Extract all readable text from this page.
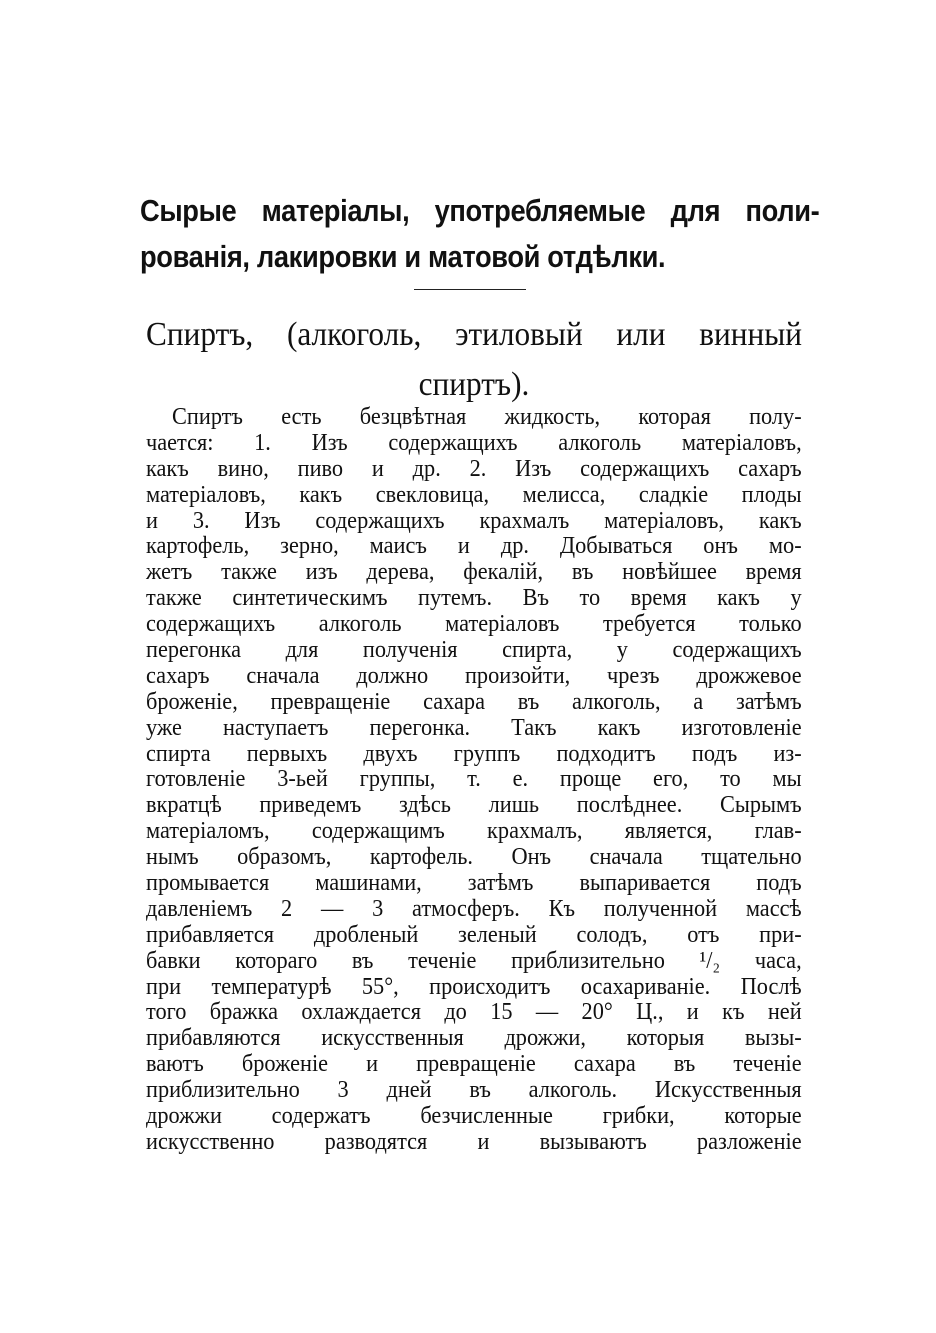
Сырые матеріалы, употребляемые для поли-
рованія, лакировки и матовой отдѣлки.
Спиртъ, (алкоголь, этиловый или винный
спиртъ).
Спиртъ есть безцвѣтная жидкость, которая полу-
чается: 1. Изъ содержащихъ алкоголь матеріаловъ,
какъ вино, пиво и др. 2. Изъ содержащихъ сахаръ
матеріаловъ, какъ свекловица, мелисса, сладкіе плоды
и 3. Изъ содержащихъ крахмалъ матеріаловъ, какъ
картофель, зерно, маисъ и др. Добываться онъ мо-
жетъ также изъ дерева, фекалій, въ новѣйшее время
также синтетическимъ путемъ. Въ то время какъ у
содержащихъ алкоголь матеріаловъ требуется только
перегонка для полученія спирта, у содержащихъ
сахаръ сначала должно произойти, чрезъ дрожжевое
броженіе, превращеніе сахара въ алкоголь, а затѣмъ
уже наступаетъ перегонка. Такъ какъ изготовленіе
спирта первыхъ двухъ группъ подходитъ подъ из-
готовленіе 3-ьей группы, т. е. проще его, то мы
вкратцѣ приведемъ здѣсь лишь послѣднее. Сырымъ
матеріаломъ, содержащимъ крахмалъ, является, глав-
нымъ образомъ, картофель. Онъ сначала тщательно
промывается машинами, затѣмъ выпаривается подъ
давленіемъ 2 — 3 атмосферъ. Къ полученной массѣ
прибавляется дробленый зеленый солодъ, отъ при-
бавки котораго въ теченіе приблизительно ¹/₂ часа,
при температурѣ 55°, происходитъ осахариваніе. Послѣ
того бражка охлаждается до 15 — 20° Ц., и къ ней
прибавляются искусственныя дрожжи, которыя вызы-
ваютъ броженіе и превращеніе сахара въ теченіе
приблизительно 3 дней въ алкоголь. Искусственныя
дрожжи содержатъ безчисленные грибки, которые
искусственно разводятся и вызываютъ разложеніе
